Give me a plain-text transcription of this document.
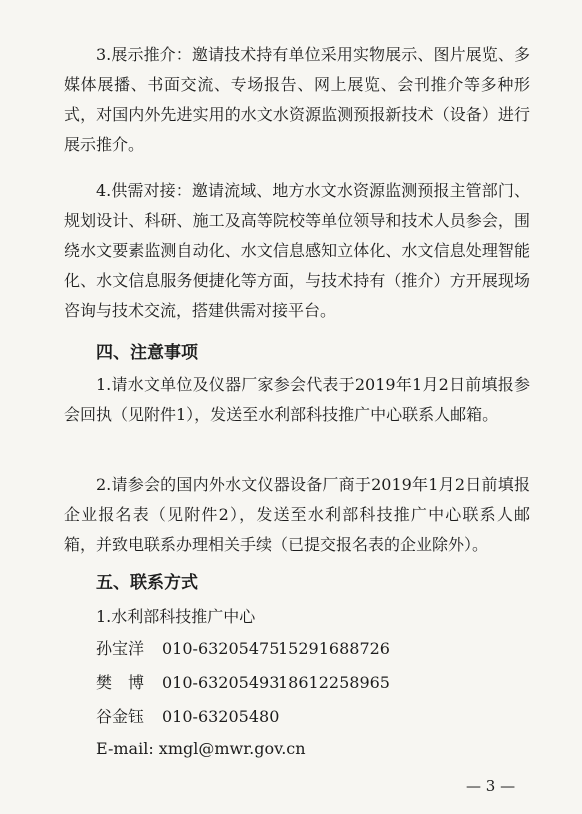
3.展示推介：邀请技术持有单位采用实物展示、图片展览、多媒体展播、书面交流、专场报告、网上展览、会刊推介等多种形式，对国内外先进实用的水文水资源监测预报新技术（设备）进行展示推介。

4.供需对接：邀请流域、地方水文水资源监测预报主管部门、规划设计、科研、施工及高等院校等单位领导和技术人员参会，围绕水文要素监测自动化、水文信息感知立体化、水文信息处理智能化、水文信息服务便捷化等方面，与技术持有（推介）方开展现场咨询与技术交流，搭建供需对接平台。

四、注意事项

1.请水文单位及仪器厂家参会代表于2019年1月2日前填报参会回执（见附件1），发送至水利部科技推广中心联系人邮箱。

2.请参会的国内外水文仪器设备厂商于2019年1月2日前填报企业报名表（见附件2），发送至水利部科技推广中心联系人邮箱，并致电联系办理相关手续（已提交报名表的企业除外）。

五、联系方式

1.水利部科技推广中心

孙宝洋 010-6320547515291688726

樊　博 010-6320549318612258965

谷金钰 010-63205480

E-mail: xmgl@mwr.gov.cn

— 3 —
